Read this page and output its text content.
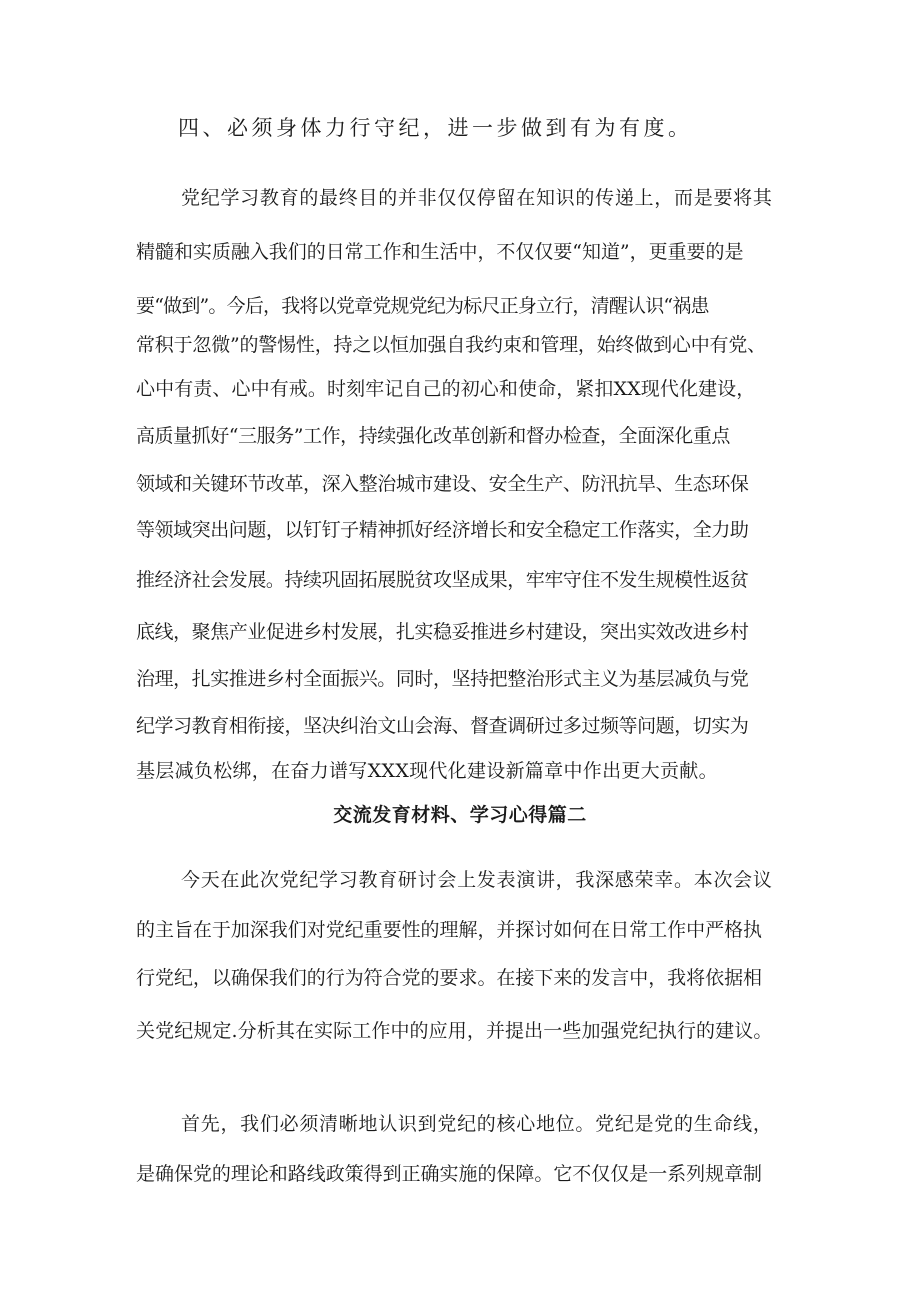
四、必须身体力行守纪，进一步做到有为有度。
党纪学习教育的最终目的并非仅仅停留在知识的传递上，而是要将其
精髓和实质融入我们的日常工作和生活中，不仅仅要“知道”，更重要的是
要“做到”。今后，我将以党章党规党纪为标尺正身立行，清醒认识“祸患
常积于忽微”的警惕性，持之以恒加强自我约束和管理，始终做到心中有党、
心中有责、心中有戒。时刻牢记自己的初心和使命，紧扣XX现代化建设，
高质量抓好“三服务”工作，持续强化改革创新和督办检查，全面深化重点
领域和关键环节改革，深入整治城市建设、安全生产、防汛抗旱、生态环保
等领域突出问题，以钉钉子精神抓好经济增长和安全稳定工作落实，全力助
推经济社会发展。持续巩固拓展脱贫攻坚成果，牢牢守住不发生规模性返贫
底线，聚焦产业促进乡村发展，扎实稳妥推进乡村建设，突出实效改进乡村
治理，扎实推进乡村全面振兴。同时，坚持把整治形式主义为基层减负与党
纪学习教育相衔接，坚决纠治文山会海、督查调研过多过频等问题，切实为
基层减负松绑，在奋力谱写XXX现代化建设新篇章中作出更大贡献。
交流发育材料、学习心得篇二
今天在此次党纪学习教育研讨会上发表演讲，我深感荣幸。本次会议
的主旨在于加深我们对党纪重要性的理解，并探讨如何在日常工作中严格执
行党纪，以确保我们的行为符合党的要求。在接下来的发言中，我将依据相
关党纪规定.分析其在实际工作中的应用，并提出一些加强党纪执行的建议。
首先，我们必须清晰地认识到党纪的核心地位。党纪是党的生命线，
是确保党的理论和路线政策得到正确实施的保障。它不仅仅是一系列规章制
